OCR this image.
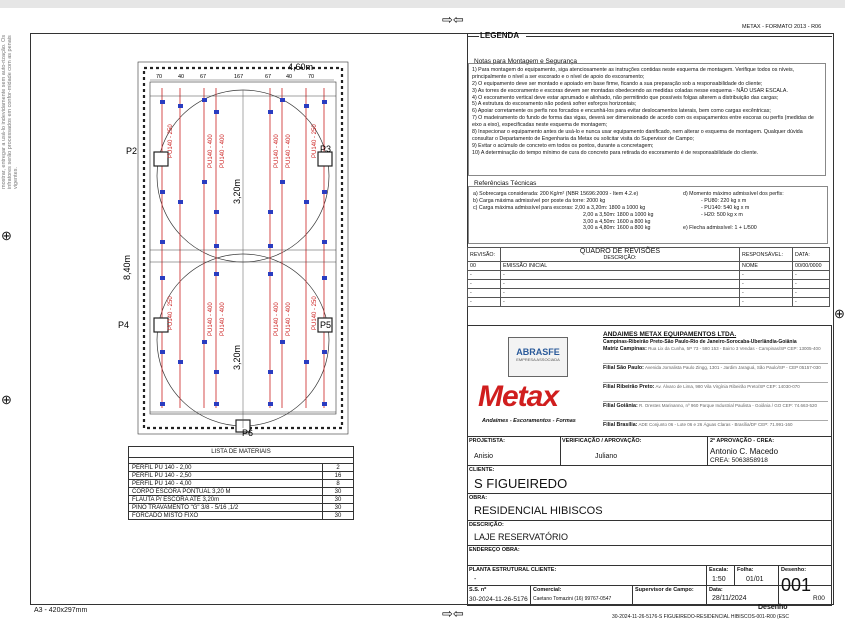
⇨⇦
⇨⇦
⊕
⊕
⊕
METAX - FORMATO 2013 - R06
mostrar, entregar a usá-lo indevidamente sem auto-rização. Os infratores serão processados em confor-midade com as penais vigentes.
70	40	67	167	67	40	70
4,60m
PU140 - 250	PU140 - 400 PU140 - 400	PU140 - 400 PU140 - 400	PU140 - 250
PU140 - 250	PU140 - 400 PU140 - 400	PU140 - 400 PU140 - 400	PU140 - 250
3,20m
3,20m
8,40m
P2	P3
P4	P5
P6
LISTA DE MATERIAIS	

PERFIL PU 140 - 2,00	2
PERFIL PU 140 - 2,50	16
PERFIL PU 140 - 4,00	8
CORPO ESCORA PONTUAL 3,20 M	30
FLAUTA P/ ESCORA ATÉ 3,20m	30
PINO TRAVAMENTO "G" 3/8 - 5/16 ,1/2	30
FORCADO MISTO FIXO	30
A3 - 420x297mm
LEGENDA
Notas para Montagem e Segurança

1) Para montagem do equipamento, siga atenciosamente as instruções contidas neste esquema de montagem. Verifique todos os níveis, principalmente o nível a ser escorado e o nível de apoio do escoramento;

2) O equipamento deve ser montado e apoiado em base firme, ficando a sua preparação sob a responsabilidade do cliente;

3) As torres de escoramento e escoras devem ser montadas obedecendo as medidas coladas nesse esquema - NÃO USAR ESCALA.

4) O escoramento vertical deve estar aprumado e alinhado, não permitindo que possíveis folgas alterem a distribuição das cargas;

5) A estrutura do escoramento não poderá sofrer esforços horizontais;

6) Apoiar corretamente os perfis nos forcados e encunhá-los para evitar deslocamentos laterais, bem como cargas excêntricas;

7) O madeiramento do fundo de forma das vigas, deverá ser dimensionado de acordo com os espaçamentos entre escoras ou perfis (medidas de eixo a eixo), especificadas neste esquema de montagem;

8) Inspecionar o equipamento antes de usá-lo e nunca usar equipamento danificado, nem alterar o esquema de montagem. Qualquer dúvida consultar o Departamento de Engenharia da Metax ou solicitar visita do Supervisor de Campo;

9) Evitar o acúmulo de concreto em todos os pontos, durante a concretagem;

10) A determinação do tempo mínimo de cura do concreto para retirada do escoramento é de responsabilidade do cliente.

Referências Técnicas

a) Sobrecarga considerada: 200 Kg/m² (NBR 15696:2009 - Item 4.2.e)

b) Carga máxima admissível por poste da torre: 2000 kg

c) Carga máxima admissível para escoras: 2,00 a 3,20m: 1800 a 1000 kg

2,00 a 3,50m: 1800 a 1000 kg

3,00 a 4,50m: 1600 a 800 kg

3,00 a 4,80m: 1600 a 800 kg

d) Momento máximo admissível dos perfis:

- PU80: 220 kg x m

- PU140: 540 kg x m

- H20: 500 kg x m

e) Flecha admissível: 1 + L/500

REVISÃO:	QUADRO DE REVISÕES
DESCRIÇÃO:	RESPONSÁVEL:	DATA:
00	EMISSÃO INICIAL	NOME	00/00/0000
-	-	-	-
-	-	-	-
-	-	-	-
-	-	-	-
ABRASFE
EMPRESA ASSOCIADA
Metax
Andaimes - Escoramentos - Formas
ANDAIMES METAX EQUIPAMENTOS LTDA.
Campinas-Ribeirão Preto-São Paulo-Rio de Janeiro-Sorocaba-Uberlândia-Goiânia
Matriz Campinas: Rua Lix da Cunha, 5P 73 - 580 153 - Bairro 3 Vendas - Campinas/SP CEP: 13005-400
Filial São Paulo: Avenida Jornalista Paulo Zingg, 1301 - Jardim Jaraguá, São Paulo/SP - CEP 05157-030
Filial Ribeirão Preto: Av. Álvaro de Lima, 980 Vila Virgínia Ribeirão Preto/SP CEP: 14030-070
Filial Goiânia: R. Orestes Marinanno, nº 960 Parque Industrial Paulista - Goiânia / GO CEP: 74.663-520
Filial Brasília: ADE Conjunto 06 - Lote 06 e 26 Águas Claras - Brasília/DF CEP: 71.991-160
PROJETISTA:
Anisio
VERIFICAÇÃO / APROVAÇÃO:
Juliano
2ª APROVAÇÃO - CREA:
Antonio C. Macedo
CREA: 5063858918
CLIENTE:
S FIGUEIREDO
OBRA:
RESIDENCIAL HIBISCOS
DESCRIÇÃO:
LAJE RESERVATÓRIO
ENDEREÇO OBRA:
PLANTA ESTRUTURAL CLIENTE:
-
Escala:
1:50
Folha:
01/01
Desenho:
001
R00
S.S. nº
30-2024-11-26-5176
Comercial:
Caetano Tomazini (16) 99767-0547
Supervisor de Campo:	Data:
28/11/2024
Desenho
30-2024-11-26-5176-S FIGUEIREDO-RESIDENCIAL HIBISCOS-001-R00 (ESC
